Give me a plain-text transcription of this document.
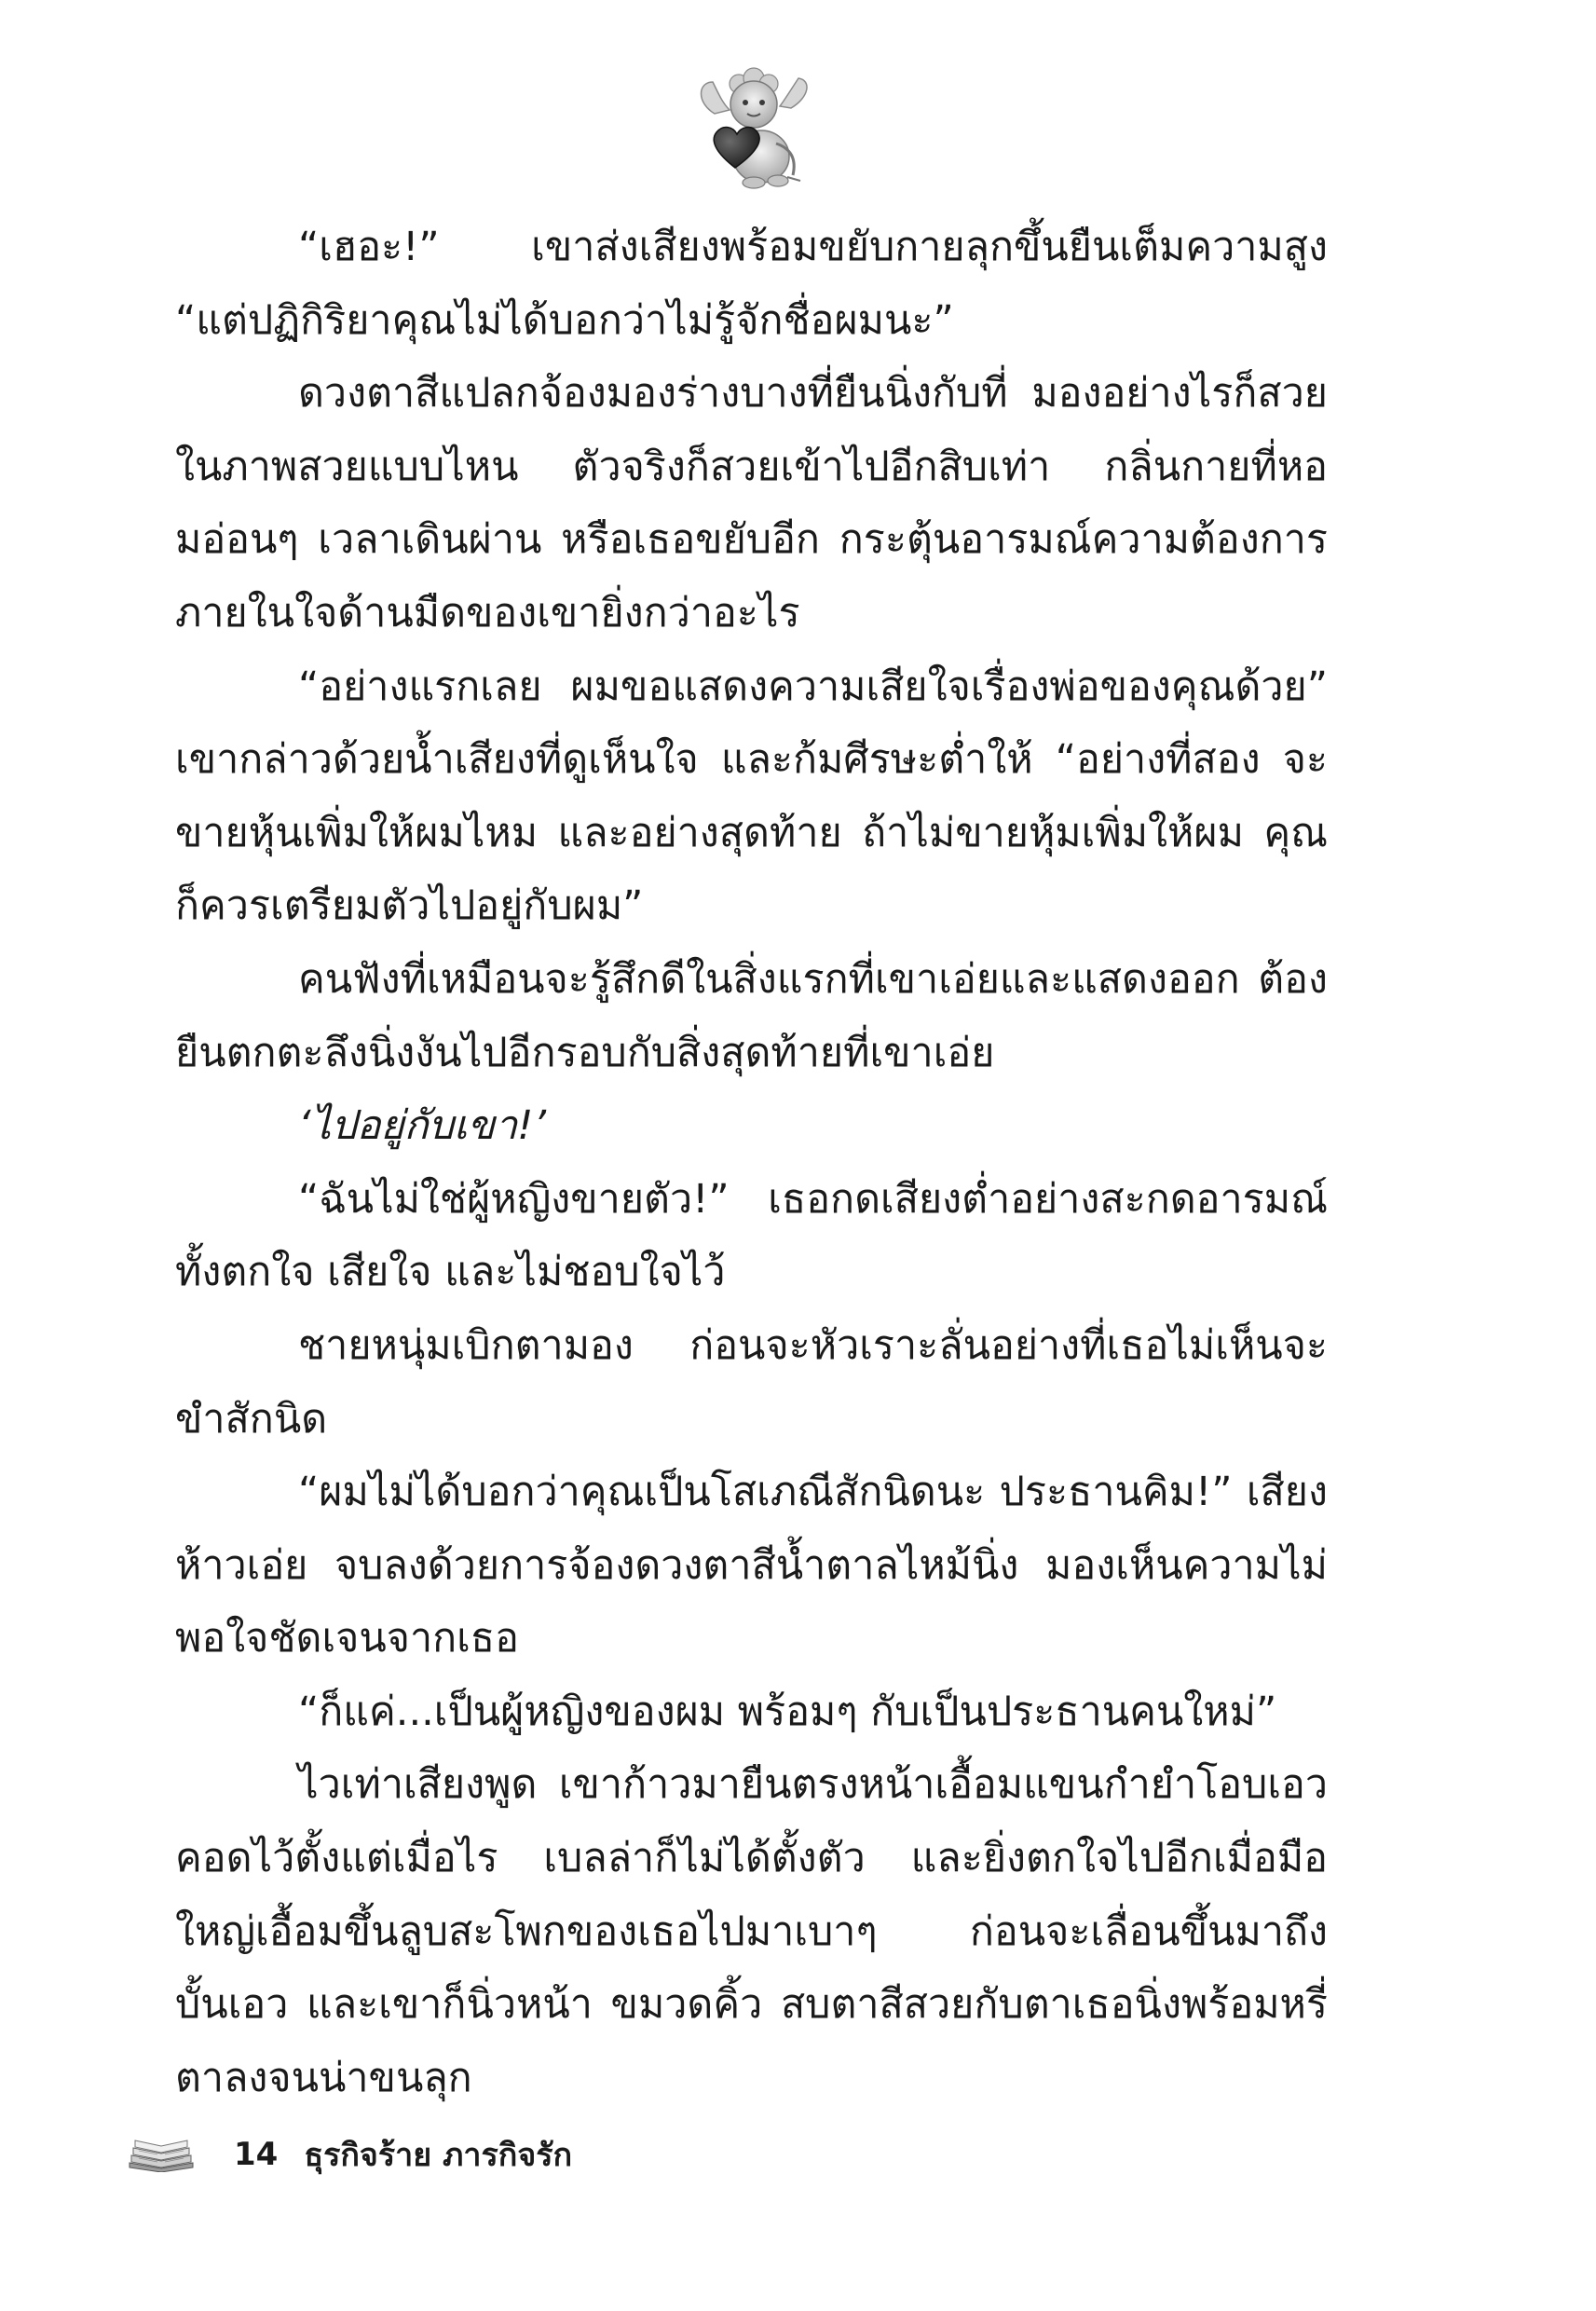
“เฮอะ!” เขาส่งเสียงพร้อมขยับกายลุกขึ้นยืนเต็มความสูง “แต่ปฏิกิริยาคุณไม่ได้บอกว่าไม่รู้จักชื่อผมนะ”

ดวงตาสีแปลกจ้องมองร่างบางที่ยืนนิ่งกับที่ มองอย่างไรก็สวยในภาพสวยแบบไหน ตัวจริงก็สวยเข้าไปอีกสิบเท่า กลิ่นกายที่หอมอ่อนๆ เวลาเดินผ่าน หรือเธอขยับอีก กระตุ้นอารมณ์ความต้องการภายในใจด้านมืดของเขายิ่งกว่าอะไร

“อย่างแรกเลย ผมขอแสดงความเสียใจเรื่องพ่อของคุณด้วย” เขากล่าวด้วยน้ำเสียงที่ดูเห็นใจ และก้มศีรษะต่ำให้ “อย่างที่สอง จะขายหุ้นเพิ่มให้ผมไหม และอย่างสุดท้าย ถ้าไม่ขายหุ้มเพิ่มให้ผม คุณก็ควรเตรียมตัวไปอยู่กับผม”

คนฟังที่เหมือนจะรู้สึกดีในสิ่งแรกที่เขาเอ่ยและแสดงออก ต้องยืนตกตะลึงนิ่งงันไปอีกรอบกับสิ่งสุดท้ายที่เขาเอ่ย

‘ไปอยู่กับเขา!’

“ฉันไม่ใช่ผู้หญิงขายตัว!” เธอกดเสียงต่ำอย่างสะกดอารมณ์ ทั้งตกใจ เสียใจ และไม่ชอบใจไว้

ชายหนุ่มเบิกตามอง ก่อนจะหัวเราะลั่นอย่างที่เธอไม่เห็นจะขำสักนิด

“ผมไม่ได้บอกว่าคุณเป็นโสเภณีสักนิดนะ ประธานคิม!” เสียงห้าวเอ่ย จบลงด้วยการจ้องดวงตาสีน้ำตาลไหม้นิ่ง มองเห็นความไม่พอใจชัดเจนจากเธอ

“ก็แค่...เป็นผู้หญิงของผม พร้อมๆ กับเป็นประธานคนใหม่”

ไวเท่าเสียงพูด เขาก้าวมายืนตรงหน้าเอื้อมแขนกำยำโอบเอวคอดไว้ตั้งแต่เมื่อไร เบลล่าก็ไม่ได้ตั้งตัว และยิ่งตกใจไปอีกเมื่อมือใหญ่เอื้อมขึ้นลูบสะโพกของเธอไปมาเบาๆ ก่อนจะเลื่อนขึ้นมาถึงบั้นเอว และเขาก็นิ่วหน้า ขมวดคิ้ว สบตาสีสวยกับตาเธอนิ่งพร้อมหรี่ตาลงจนน่าขนลุก

14 ธุรกิจร้าย ภารกิจรัก
